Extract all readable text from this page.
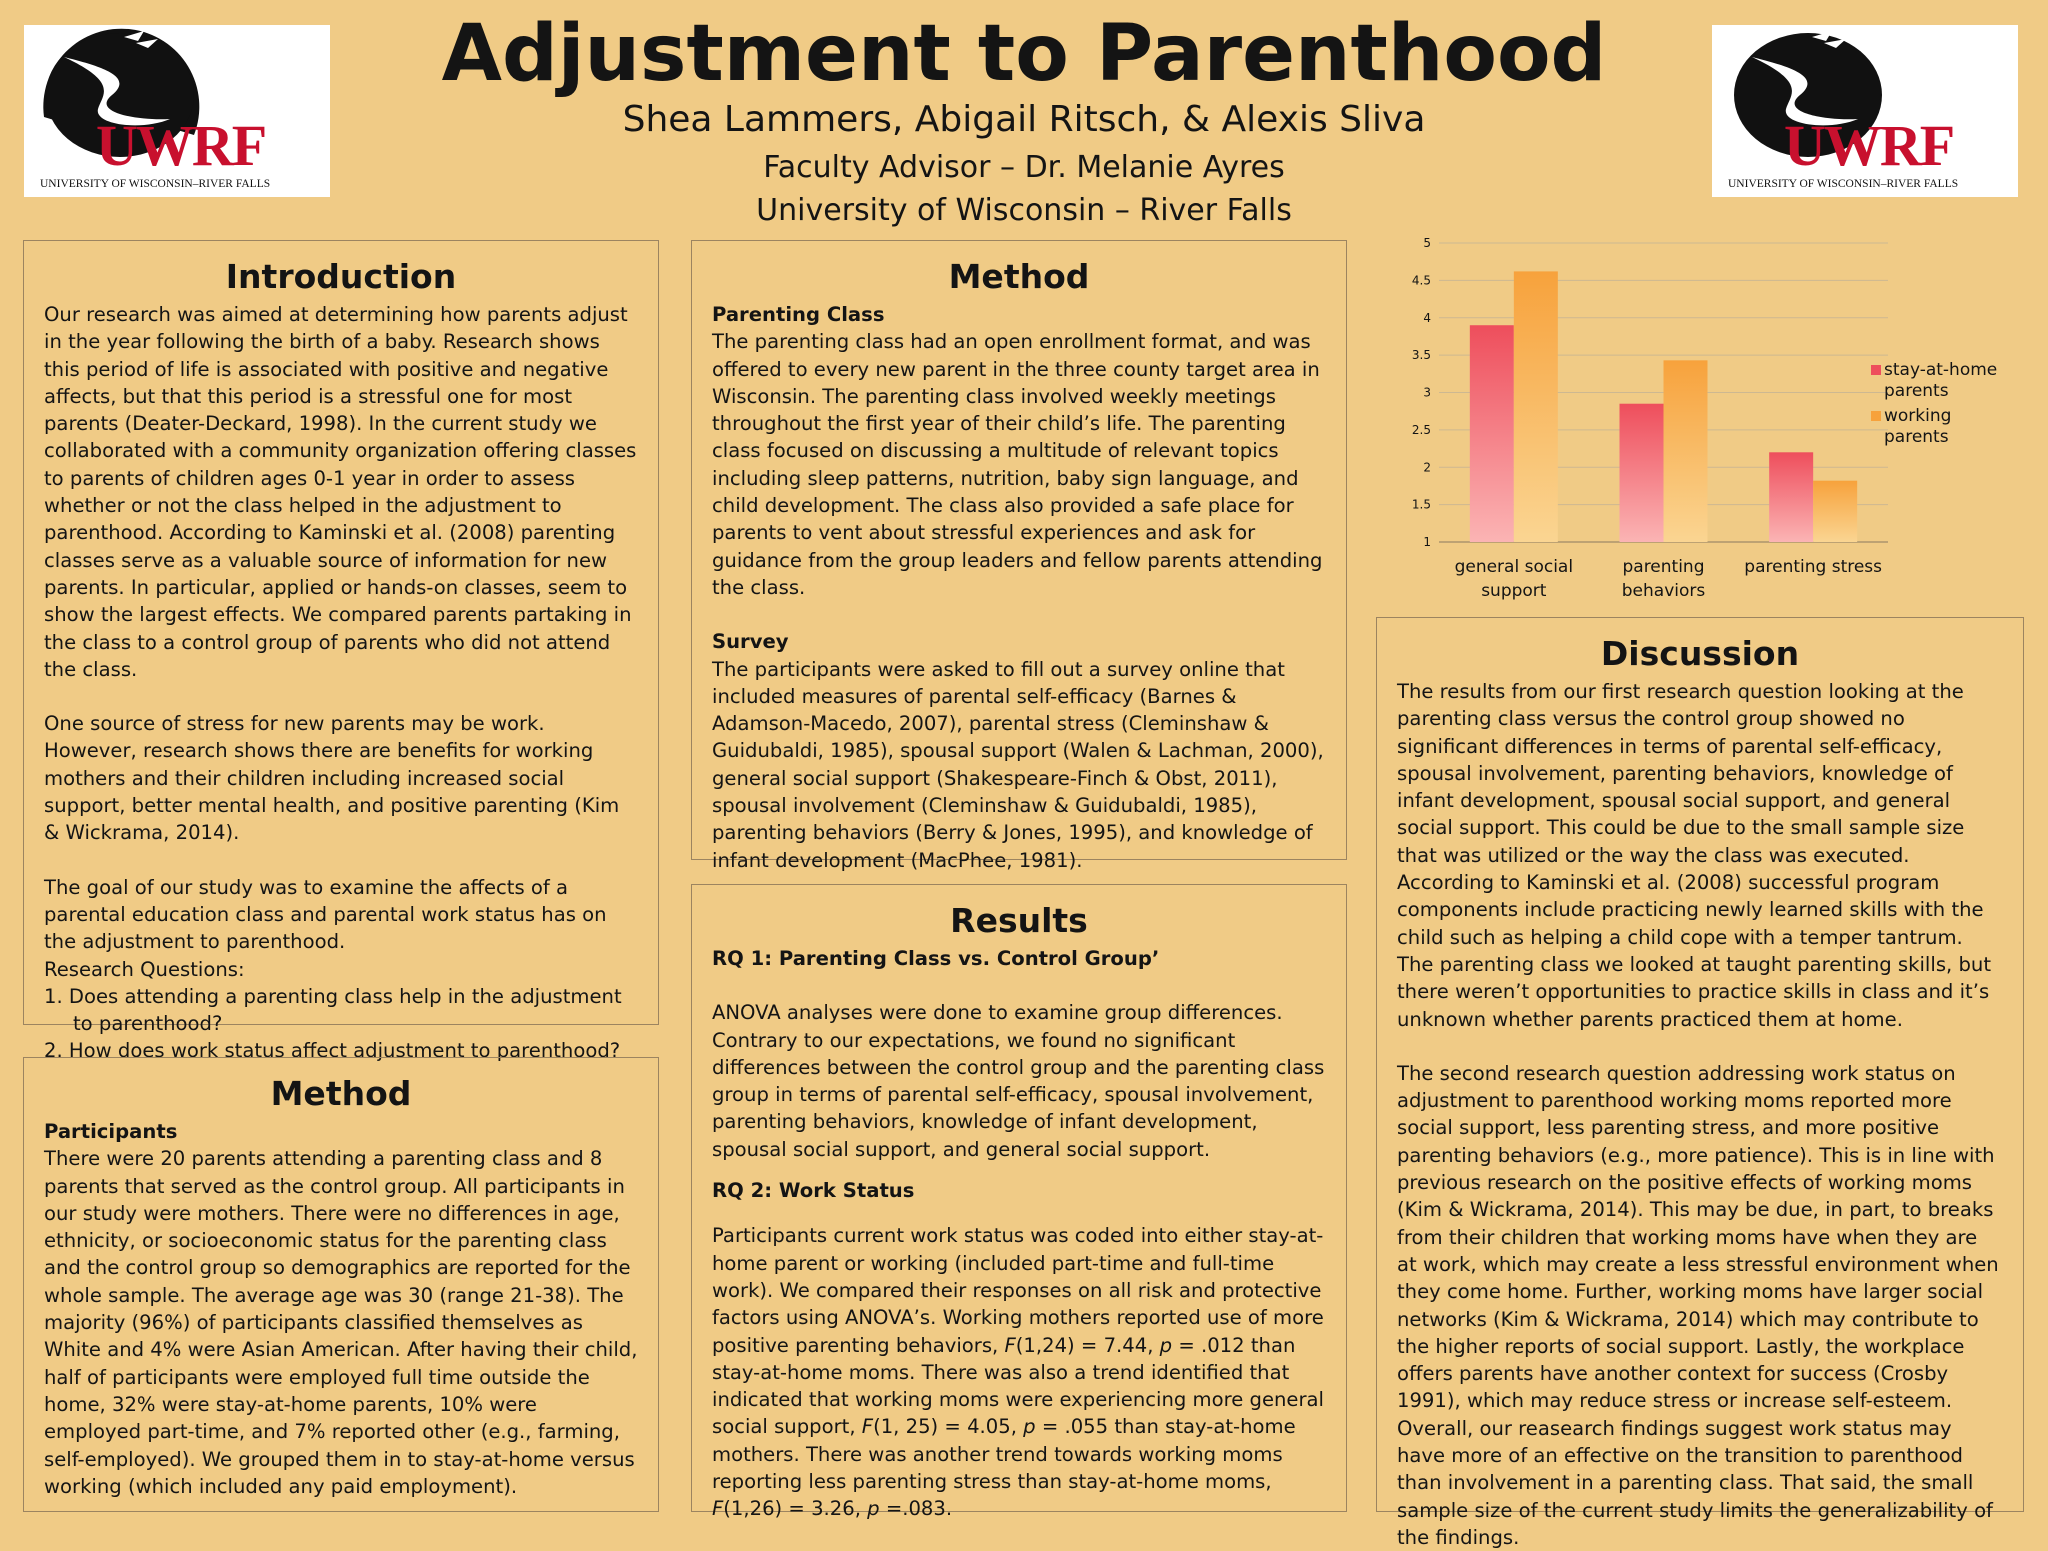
UWRF
UNIVERSITY OF WISCONSIN–RIVER FALLS
UWRF
UNIVERSITY OF WISCONSIN–RIVER FALLS
Adjustment to Parenthood
Shea Lammers, Abigail Ritsch, & Alexis Sliva
Faculty Advisor – Dr. Melanie Ayres
University of Wisconsin – River Falls
Introduction

Our research was aimed at determining how parents adjust in the year following the birth of a baby. Research shows this period of life is associated with positive and negative affects, but that this period is a stressful one for most parents (Deater-Deckard, 1998). In the current study we collaborated with a community organization offering classes to parents of children ages 0-1 year in order to assess whether or not the class helped in the adjustment to parenthood. According to Kaminski et al. (2008) parenting classes serve as a valuable source of information for new parents. In particular, applied or hands-on classes, seem to show the largest effects. We compared parents partaking in the class to a control group of parents who did not attend the class.

One source of stress for new parents may be work. However, research shows there are benefits for working mothers and their children including increased social support, better mental health, and positive parenting (Kim & Wickrama, 2014).

The goal of our study was to examine the affects of a parental education class and parental work status has on the adjustment to parenthood.

Research Questions:
1. Does attending a parenting class help in the adjustment to parenthood?
2. How does work status affect adjustment to parenthood?
Method
Participants

There were 20 parents attending a parenting class and 8 parents that served as the control group. All participants in our study were mothers. There were no differences in age, ethnicity, or socioeconomic status for the parenting class and the control group so demographics are reported for the whole sample. The average age was 30 (range 21-38). The majority (96%) of participants classified themselves as White and 4% were Asian American. After having their child, half of participants were employed full time outside the home, 32% were stay-at-home parents, 10% were employed part-time, and 7% reported other (e.g., farming, self-employed). We grouped them in to stay-at-home versus working (which included any paid employment).

Method
Parenting Class

The parenting class had an open enrollment format, and was offered to every new parent in the three county target area in Wisconsin. The parenting class involved weekly meetings throughout the first year of their child’s life. The parenting class focused on discussing a multitude of relevant topics including sleep patterns, nutrition, baby sign language, and child development. The class also provided a safe place for parents to vent about stressful experiences and ask for guidance from the group leaders and fellow parents attending the class.

Survey

The participants were asked to fill out a survey online that included measures of parental self-efficacy (Barnes & Adamson-Macedo, 2007), parental stress (Cleminshaw & Guidubaldi, 1985), spousal support (Walen & Lachman, 2000), general social support (Shakespeare-Finch & Obst, 2011), spousal involvement (Cleminshaw & Guidubaldi, 1985), parenting behaviors (Berry & Jones, 1995), and knowledge of infant development (MacPhee, 1981).

Results
RQ 1: Parenting Class vs. Control Group’

ANOVA analyses were done to examine group differences. Contrary to our expectations, we found no significant differences between the control group and the parenting class group in terms of parental self-efficacy, spousal involvement, parenting behaviors, knowledge of infant development, spousal social support, and general social support.

RQ 2: Work Status

Participants current work status was coded into either stay-at-home parent or working (included part-time and full-time work). We compared their responses on all risk and protective factors using ANOVA’s. Working mothers reported use of more positive parenting behaviors, F(1,24) = 7.44, p = .012 than stay-at-home moms. There was also a trend identified that indicated that working moms were experiencing more general social support, F(1, 25) = 4.05, p = .055 than stay-at-home mothers. There was another trend towards working moms reporting less parenting stress than stay-at-home moms, F(1,26) = 3.26, p =.083.

1
1.5
2
2.5
3
3.5
4
4.5
5
general social
support
parenting
behaviors
parenting stress
stay-at-home
parents
working
parents
Discussion

The results from our first research question looking at the parenting class versus the control group showed no significant differences in terms of parental self-efficacy, spousal involvement, parenting behaviors, knowledge of infant development, spousal social support, and general social support. This could be due to the small sample size that was utilized or the way the class was executed. According to Kaminski et al. (2008) successful program components include practicing newly learned skills with the child such as helping a child cope with a temper tantrum. The parenting class we looked at taught parenting skills, but there weren’t opportunities to practice skills in class and it’s unknown whether parents practiced them at home.

The second research question addressing work status on adjustment to parenthood working moms reported more social support, less parenting stress, and more positive parenting behaviors (e.g., more patience). This is in line with previous research on the positive effects of working moms (Kim & Wickrama, 2014). This may be due, in part, to breaks from their children that working moms have when they are at work, which may create a less stressful environment when they come home. Further, working moms have larger social networks (Kim & Wickrama, 2014) which may contribute to the higher reports of social support. Lastly, the workplace offers parents have another context for success (Crosby 1991), which may reduce stress or increase self-esteem. Overall, our reasearch findings suggest work status may have more of an effective on the transition to parenthood than involvement in a parenting class. That said, the small sample size of the current study limits the generalizability of the findings.
